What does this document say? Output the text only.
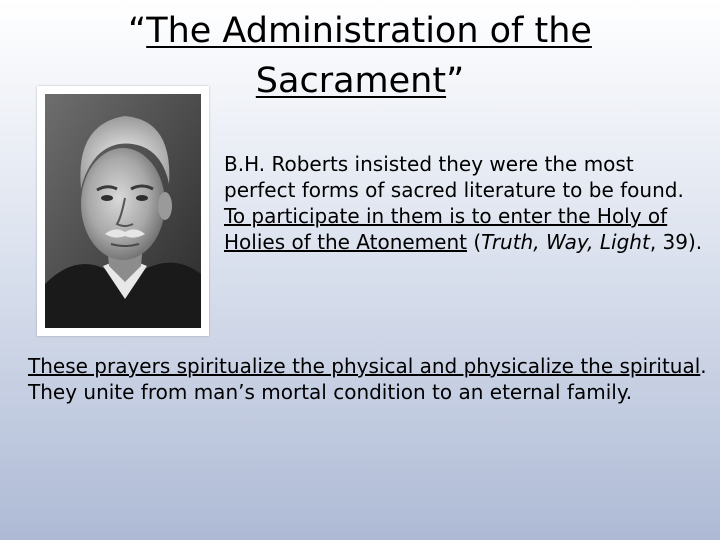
“The Administration of the
Sacrament”

B.H. Roberts insisted they were the most perfect forms of sacred literature to be found. To participate in them is to enter the Holy of Holies of the Atonement (Truth, Way, Light, 39).

These prayers spiritualize the physical and physicalize the spiritual. They unite from man’s mortal condition to an eternal family.
